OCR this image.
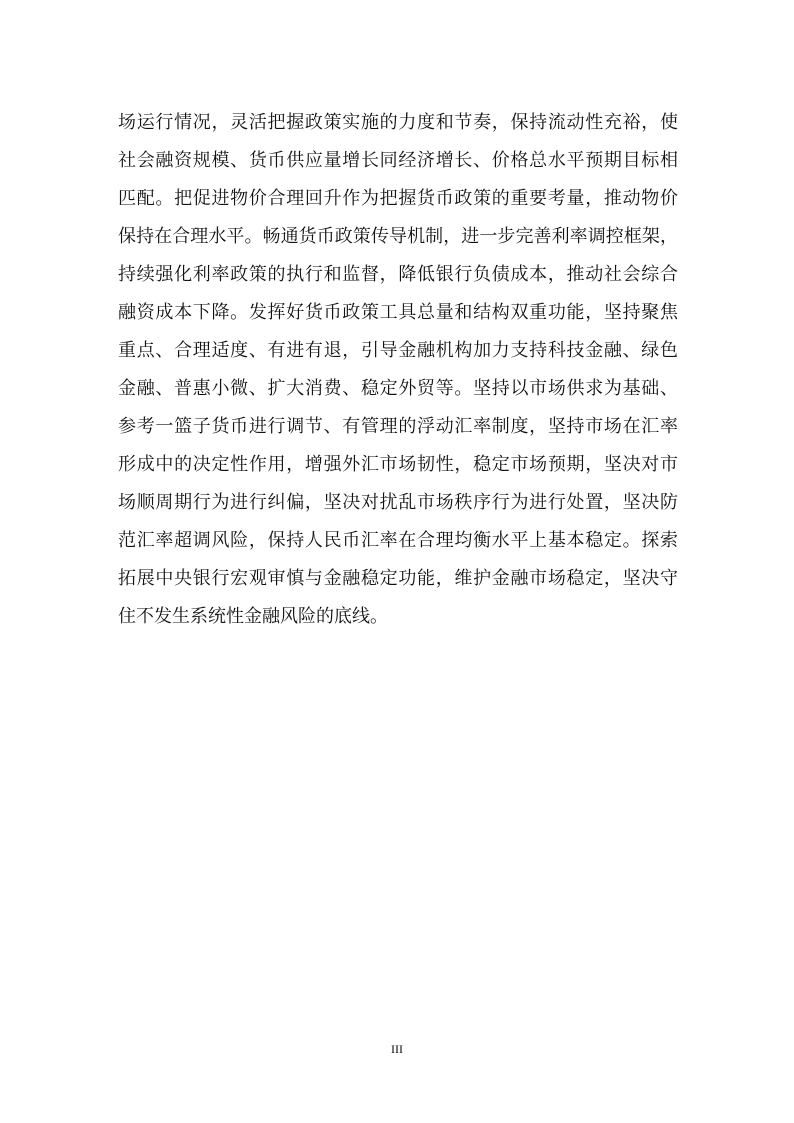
场运行情况，灵活把握政策实施的力度和节奏，保持流动性充裕，使
社会融资规模、货币供应量增长同经济增长、价格总水平预期目标相
匹配。把促进物价合理回升作为把握货币政策的重要考量，推动物价
保持在合理水平。畅通货币政策传导机制，进一步完善利率调控框架，
持续强化利率政策的执行和监督，降低银行负债成本，推动社会综合
融资成本下降。发挥好货币政策工具总量和结构双重功能，坚持聚焦
重点、合理适度、有进有退，引导金融机构加力支持科技金融、绿色
金融、普惠小微、扩大消费、稳定外贸等。坚持以市场供求为基础、
参考一篮子货币进行调节、有管理的浮动汇率制度，坚持市场在汇率
形成中的决定性作用，增强外汇市场韧性，稳定市场预期，坚决对市
场顺周期行为进行纠偏，坚决对扰乱市场秩序行为进行处置，坚决防
范汇率超调风险，保持人民币汇率在合理均衡水平上基本稳定。探索
拓展中央银行宏观审慎与金融稳定功能，维护金融市场稳定，坚决守
住不发生系统性金融风险的底线。
III
